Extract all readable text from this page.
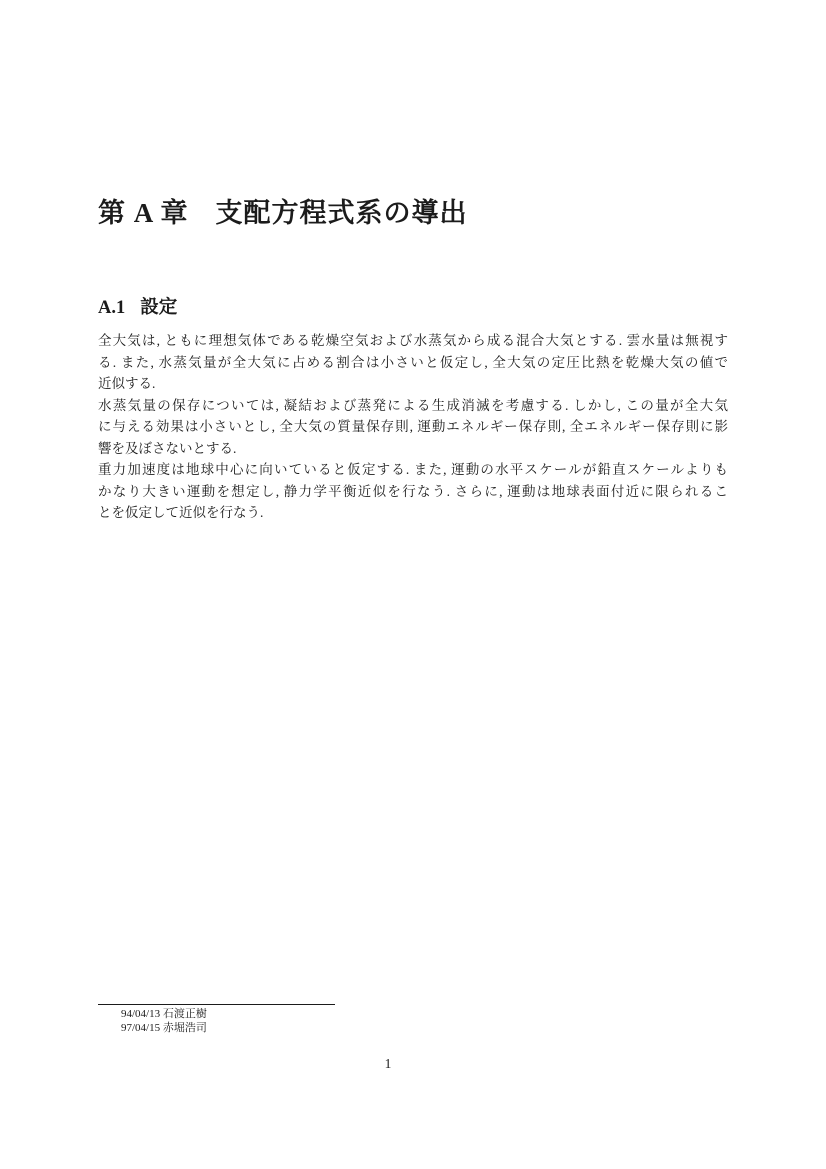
第 A 章 支配方程式系の導出
A.1 設定
全大気は, ともに理想気体である乾燥空気および水蒸気から成る混合大気とする. 雲水量は無視す
る. また, 水蒸気量が全大気に占める割合は小さいと仮定し, 全大気の定圧比熱を乾燥大気の値で
近似する.
水蒸気量の保存については, 凝結および蒸発による生成消滅を考慮する. しかし, この量が全大気
に与える効果は小さいとし, 全大気の質量保存則, 運動エネルギー保存則, 全エネルギー保存則に影
響を及ぼさないとする.
重力加速度は地球中心に向いていると仮定する. また, 運動の水平スケールが鉛直スケールよりも
かなり大きい運動を想定し, 静力学平衡近似を行なう. さらに, 運動は地球表面付近に限られるこ
とを仮定して近似を行なう.
94/04/13 石渡正樹
97/04/15 赤堀浩司
1
